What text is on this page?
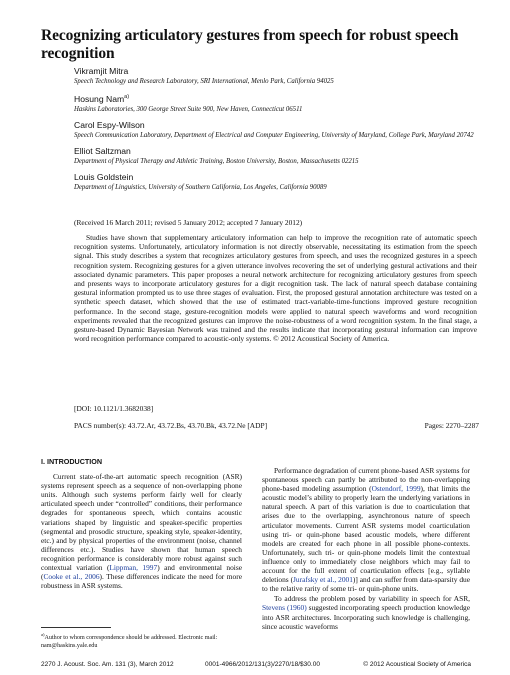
Recognizing articulatory gestures from speech for robust speech recognition
Vikramjit Mitra
Speech Technology and Research Laboratory, SRI International, Menlo Park, California 94025
Hosung Nam$^{a)}$
Haskins Laboratories, 300 George Street Suite 900, New Haven, Connecticut 06511
Carol Espy-Wilson
Speech Communication Laboratory, Department of Electrical and Computer Engineering, University of Maryland, College Park, Maryland 20742
Elliot Saltzman
Department of Physical Therapy and Athletic Training, Boston University, Boston, Massachusetts 02215
Louis Goldstein
Department of Linguistics, University of Southern California, Los Angeles, California 90089
(Received 16 March 2011; revised 5 January 2012; accepted 7 January 2012)
Studies have shown that supplementary articulatory information can help to improve the recognition rate of automatic speech recognition systems. Unfortunately, articulatory information is not directly observable, necessitating its estimation from the speech signal. This study describes a system that recognizes articulatory gestures from speech, and uses the recognized gestures in a speech recognition system. Recognizing gestures for a given utterance involves recovering the set of underlying gestural activations and their associated dynamic parameters. This paper proposes a neural network architecture for recognizing articulatory gestures from speech and presents ways to incorporate articulatory gestures for a digit recognition task. The lack of natural speech database containing gestural information prompted us to use three stages of evaluation. First, the proposed gestural annotation architecture was tested on a synthetic speech dataset, which showed that the use of estimated tract-variable-time-functions improved gesture recognition performance. In the second stage, gesture-recognition models were applied to natural speech waveforms and word recognition experiments revealed that the recognized gestures can improve the noise-robustness of a word recognition system. In the final stage, a gesture-based Dynamic Bayesian Network was trained and the results indicate that incorporating gestural information can improve word recognition performance compared to acoustic-only systems. © 2012 Acoustical Society of America.
[DOI: 10.1121/1.3682038]
PACS number(s): 43.72.Ar, 43.72.Bs, 43.70.Bk, 43.72.Ne [ADP]	Pages: 2270–2287
I. INTRODUCTION

Current state-of-the-art automatic speech recognition (ASR) systems represent speech as a sequence of non-overlapping phone units. Although such systems perform fairly well for clearly articulated speech under “controlled” conditions, their performance degrades for spontaneous speech, which contains acoustic variations shaped by linguistic and speaker-specific properties (segmental and prosodic structure, speaking style, speaker-identity, etc.) and by physical properties of the environment (noise, channel differences etc.). Studies have shown that human speech recognition performance is considerably more robust against such contextual variation (Lippman, 1997) and environmental noise (Cooke et al., 2006). These differences indicate the need for more robustness in ASR systems.

Performance degradation of current phone-based ASR systems for spontaneous speech can partly be attributed to the non-overlapping phone-based modeling assumption (Ostendorf, 1999), that limits the acoustic model’s ability to properly learn the underlying variations in natural speech. A part of this variation is due to coarticulation that arises due to the overlapping, asynchronous nature of speech articulator movements. Current ASR systems model coarticulation using tri- or quin-phone based acoustic models, where different models are created for each phone in all possible phone-contexts. Unfortunately, such tri- or quin-phone models limit the contextual influence only to immediately close neighbors which may fail to account for the full extent of coarticulation effects [e.g., syllable deletions (Jurafsky et al., 2001)] and can suffer from data-sparsity due to the relative rarity of some tri- or quin-phone units.

To address the problem posed by variability in speech for ASR, Stevens (1960) suggested incorporating speech production knowledge into ASR architectures. Incorporating such knowledge is challenging, since acoustic waveforms

$^{a)}$Author to whom correspondence should be addressed. Electronic mail: nam@haskins.yale.edu
2270 J. Acoust. Soc. Am. 131 (3), March 2012	0001-4966/2012/131(3)/2270/18/$30.00	© 2012 Acoustical Society of America
